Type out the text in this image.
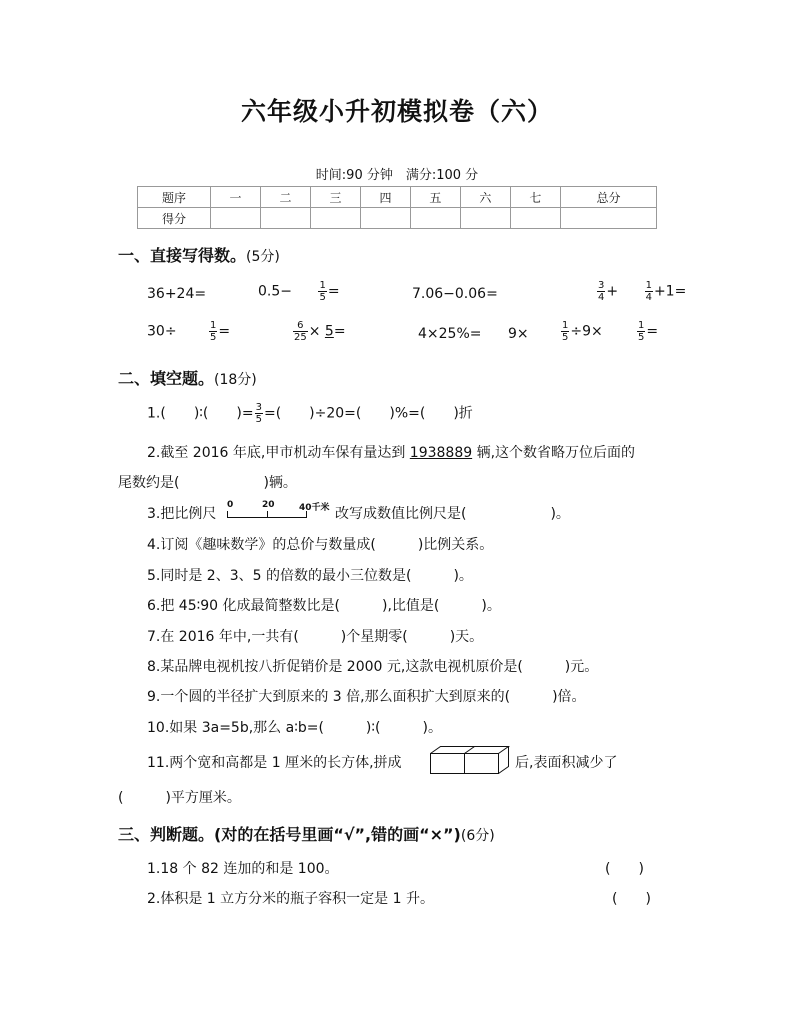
六年级小升初模拟卷（六）
时间:90 分钟　满分:100 分
题序	一	二	三	四	五	六	七	总分
得分								
一、直接写得数。(5分)
36+24=	0.5−	$\frac{1}{5}$ =	7.06−0.06=	$\frac{3}{4}$ +	$\frac{1}{4} +1=$
30÷	$\frac{1}{5}$ =	$\frac{6}{25} \times 5=$	4×25%= 9×	$\frac{1}{5} \div 9\times$	$\frac{1}{5}$ =
二、填空题。(18分)
1.(　　)∶(　　)= $\frac{3}{5}$ =(　　)÷20=(　　)%=(　　)折
2.截至 2016 年底,甲市机动车保有量达到 1938889 辆,这个数省略万位后面的
尾数约是(　　　　　　)辆。
3.把比例尺
0	20	40千米 改写成数值比例尺是(　　　　　　)。
4.订阅《趣味数学》的总价与数量成(　　　)比例关系。
5.同时是 2、3、5 的倍数的最小三位数是(　　　)。
6.把 45∶90 化成最简整数比是(　　　),比值是(　　　)。
7.在 2016 年中,一共有(　　　)个星期零(　　　)天。
8.某品牌电视机按八折促销价是 2000 元,这款电视机原价是(　　　)元。
9.一个圆的半径扩大到原来的 3 倍,那么面积扩大到原来的(　　　)倍。
10.如果 3a=5b,那么 a∶b=(　　　)∶(　　　)。
11.两个宽和高都是 1 厘米的长方体,拼成	后,表面积减少了
(　　　)平方厘米。
三、判断题。(对的在括号里画“√”,错的画“×”)(6分)
1.18 个 82 连加的和是 100。	(　　)
2.体积是 1 立方分米的瓶子容积一定是 1 升。	(　　)
